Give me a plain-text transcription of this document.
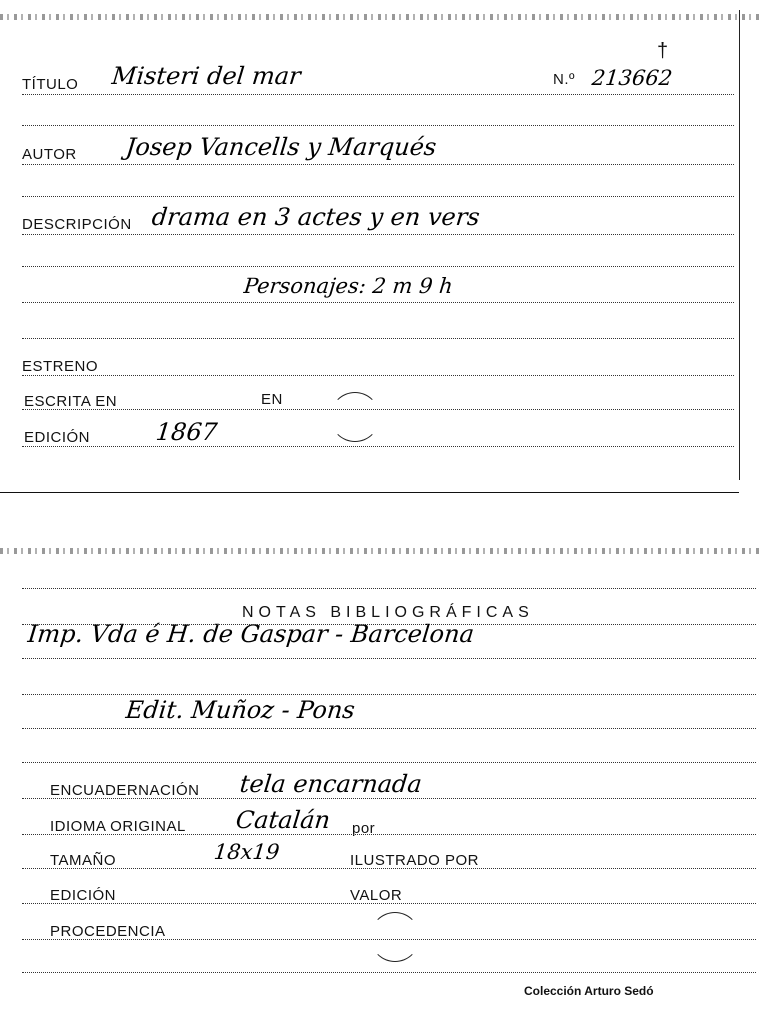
TÍTULO Misteri del mar	N.º 213662
†
AUTOR Josep Vancells y Marqués
DESCRIPCIÓN drama en 3 actes y en vers
Personajes: 2 m 9 h
ESTRENO
ESCRITA EN	EN
EDICIÓN	1867
NOTAS BIBLIOGRÁFICAS
Imp. Vda é H. de Gaspar - Barcelona
Edit. Muñoz - Pons
ENCUADERNACIÓN tela encarnada
IDIOMA ORIGINAL Catalán por
TAMAÑO	18x19	ILUSTRADO POR
EDICIÓN	VALOR
PROCEDENCIA
Colección Arturo Sedó
